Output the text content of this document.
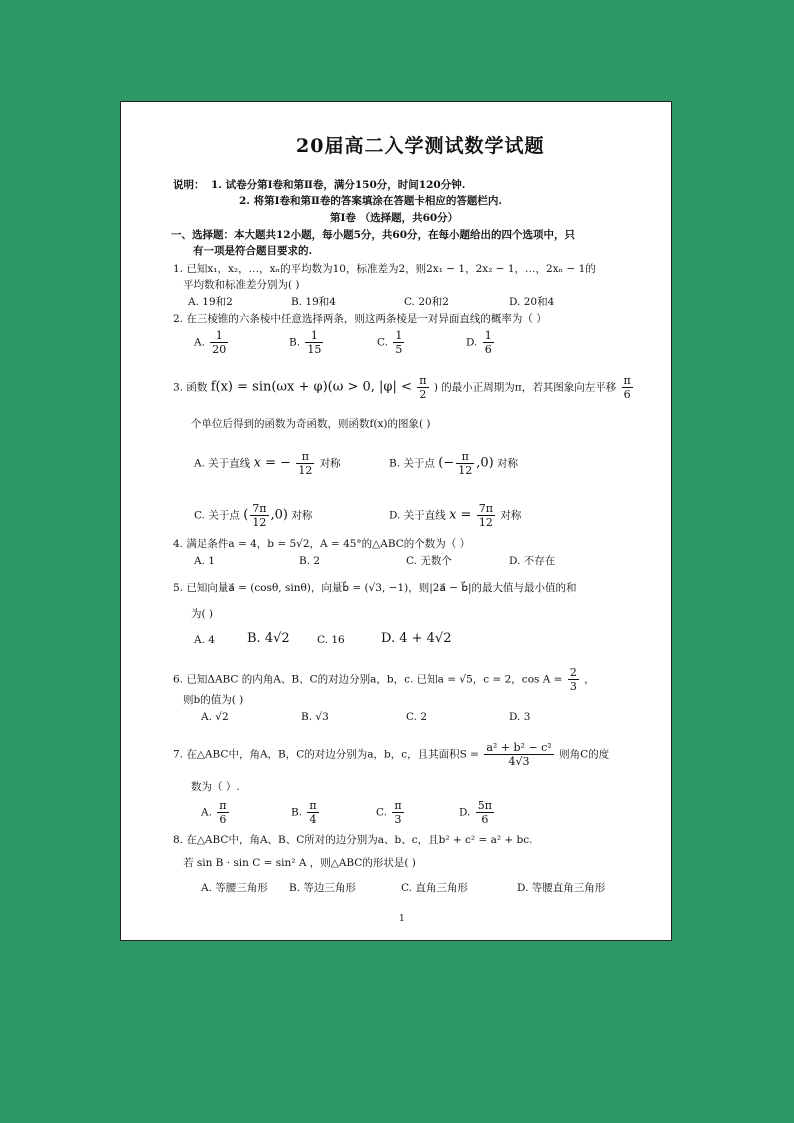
20届高二入学测试数学试题
说明： 1. 试卷分第Ⅰ卷和第Ⅱ卷，满分150分，时间120分钟.
2. 将第Ⅰ卷和第Ⅱ卷的答案填涂在答题卡相应的答题栏内.
第Ⅰ卷 （选择题，共60分）
一、选择题：本大题共12小题，每小题5分，共60分，在每小题给出的四个选项中，只
有一项是符合题目要求的.
1. 已知x₁，x₂，…，xₙ的平均数为10，标准差为2，则2x₁ − 1，2x₂ − 1，…，2xₙ − 1的
平均数和标准差分别为( )
A. 19和2	B. 19和4	C. 20和2	D. 20和4
2. 在三棱锥的六条棱中任意选择两条，则这两条棱是一对异面直线的概率为（ ）
A. $\frac{1}{20}$	B. $\frac{1}{15}$	C. $\frac{1}{5}$	D. $\frac{1}{6}$
3. 函数 f(x) = sin(ωx + φ)(ω > 0, $|\varphi| < \frac{\pi}{2}$ ) 的最小正周期为π，若其图象向左平移 $\frac{\pi}{6}$
个单位后得到的函数为奇函数，则函数f(x)的图象( )
A. 关于直线 x = − $\frac{\pi}{12}$ 对称	B. 关于点 (− $\frac{\pi}{12} ,0$) 对称
C. 关于点 ( $\frac{7\pi}{12} ,0$) 对称	D. 关于直线 $x = \frac{7\pi}{12}$ 对称
4. 满足条件a = 4，b = 5√2，A = 45°的△ABC的个数为（ ）
A. 1	B. 2	C. 无数个	D. 不存在
5. 已知向量a⃗ = (cosθ, sinθ)，向量b⃗ = (√3, −1)，则|2a⃗ − b⃗|的最大值与最小值的和
为( )
A. 4 B. 4√2	C. 16	D. 4 + 4√2
6. 已知ΔABC 的内角A、B、C的对边分别a，b，c. 已知a = √5，c = 2，$\cos A = \frac{2}{3}$ ，
则b的值为( )
A. √2	B. √3	C. 2	D. 3
7. 在△ABC中，角A，B，C的对边分别为a，b，c，且其面积$S = \frac{\text{a² + b² − c²}}{4√3}$ 则角C的度
数为（ ）.
A. $\frac{\pi}{6}$	B. $\frac{\pi}{4}$	C. $\frac{\pi}{3}$	D. $\frac{5\pi}{6}$
8. 在△ABC中，角A、B、C所对的边分别为a、b、c，且b² + c² = a² + bc.
若 sin B · sin C = sin² A ，则△ABC的形状是( )
A. 等腰三角形 B. 等边三角形	C. 直角三角形	D. 等腰直角三角形
1
